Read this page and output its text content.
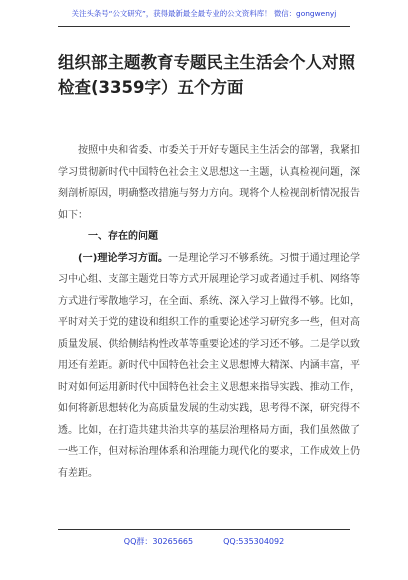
关注头条号“公文研究”，获得最新最全最专业的公文资料库！ 微信：gongwenyj
组织部主题教育专题民主生活会个人对照检查(3359字）五个方面

按照中央和省委、市委关于开好专题民主生活会的部署，我紧扣学习贯彻新时代中国特色社会主义思想这一主题，认真检视问题，深刻剖析原因，明确整改措施与努力方向。现将个人检视剖析情况报告如下：

一、存在的问题

(一)理论学习方面。一是理论学习不够系统。习惯于通过理论学习中心组、支部主题党日等方式开展理论学习或者通过手机、网络等方式进行零散地学习，在全面、系统、深入学习上做得不够。比如，平时对关于党的建设和组织工作的重要论述学习研究多一些，但对高质量发展、供给侧结构性改革等重要论述的学习还不够。二是学以致用还有差距。新时代中国特色社会主义思想博大精深、内涵丰富，平时对如何运用新时代中国特色社会主义思想来指导实践、推动工作，如何将新思想转化为高质量发展的生动实践，思考得不深，研究得不透。比如，在打造共建共治共享的基层治理格局方面，我们虽然做了一些工作，但对标治理体系和治理能力现代化的要求，工作成效上仍有差距。

QQ群：30265665	QQ:535304092
